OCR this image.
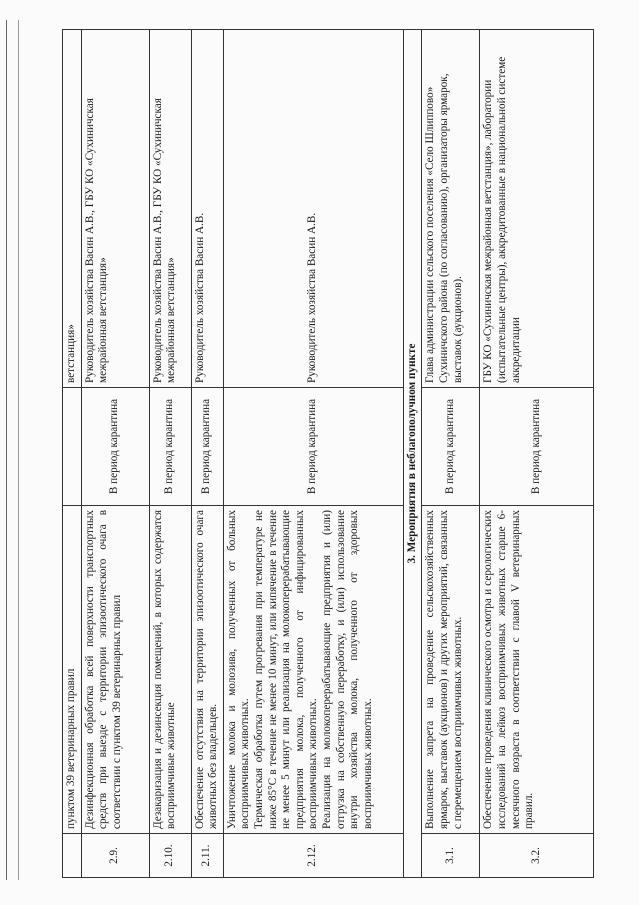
	пунктом 39 ветеринарных правил		ветстанция»
2.9.	Дезинфекционная обработка всей поверхности транспортных средств при выезде с территории эпизоотического очага в соответствии с пунктом 39 ветеринарных правил	В период карантина	Руководитель хозяйства Васин А.В., ГБУ КО «Сухиничская межрайонная ветстанция»
2.10.	Дезакаризация и дезинсекция помещений, в которых содержатся восприимчивые животные	В период карантина	Руководитель хозяйства Васин А.В., ГБУ КО «Сухиничская межрайонная ветстанция»
2.11.	Обеспечение отсутствия на территории эпизоотического очага животных без владельцев.	В период карантина	Руководитель хозяйства Васин А.В.
2.12.	Уничтожение молока и молозива, полученных от больных восприимчивых животных. Термическая обработка путем прогревания при температуре не ниже 85°С в течение не менее 10 минут, или кипячение в течение не менее 5 минут или реализация на молокоперерабатывающие предприятия молока, полученного от инфицированных восприимчивых животных. Реализация на молокоперерабатывающие предприятия и (или) отгрузка на собственную переработку, и (или) использование внутри хозяйства молока, полученного от здоровых восприимчивых животных.	В период карантина	Руководитель хозяйства Васин А.В.
3. Мероприятия в неблагополучном пункте			
3.1.	Выполнение запрета на проведение сельскохозяйственных ярмарок, выставок (аукционов) и других мероприятий, связанных с перемещением восприимчивых животных.	В период карантина	Глава администрации сельского поселения «Село Шлиппово» Сухиничского района (по согласованию), организаторы ярмарок, выставок (аукционов).
3.2.	Обеспечение проведения клинического осмотра и серологических исследований на лейкоз восприимчивых животных старше 6-месячного возраста в соответствии с главой V ветеринарных правил.	В период карантина	ГБУ КО «Сухиничская межрайонная ветстанция», лаборатории (испытательные центры), аккредитованные в национальной системе аккредитации
